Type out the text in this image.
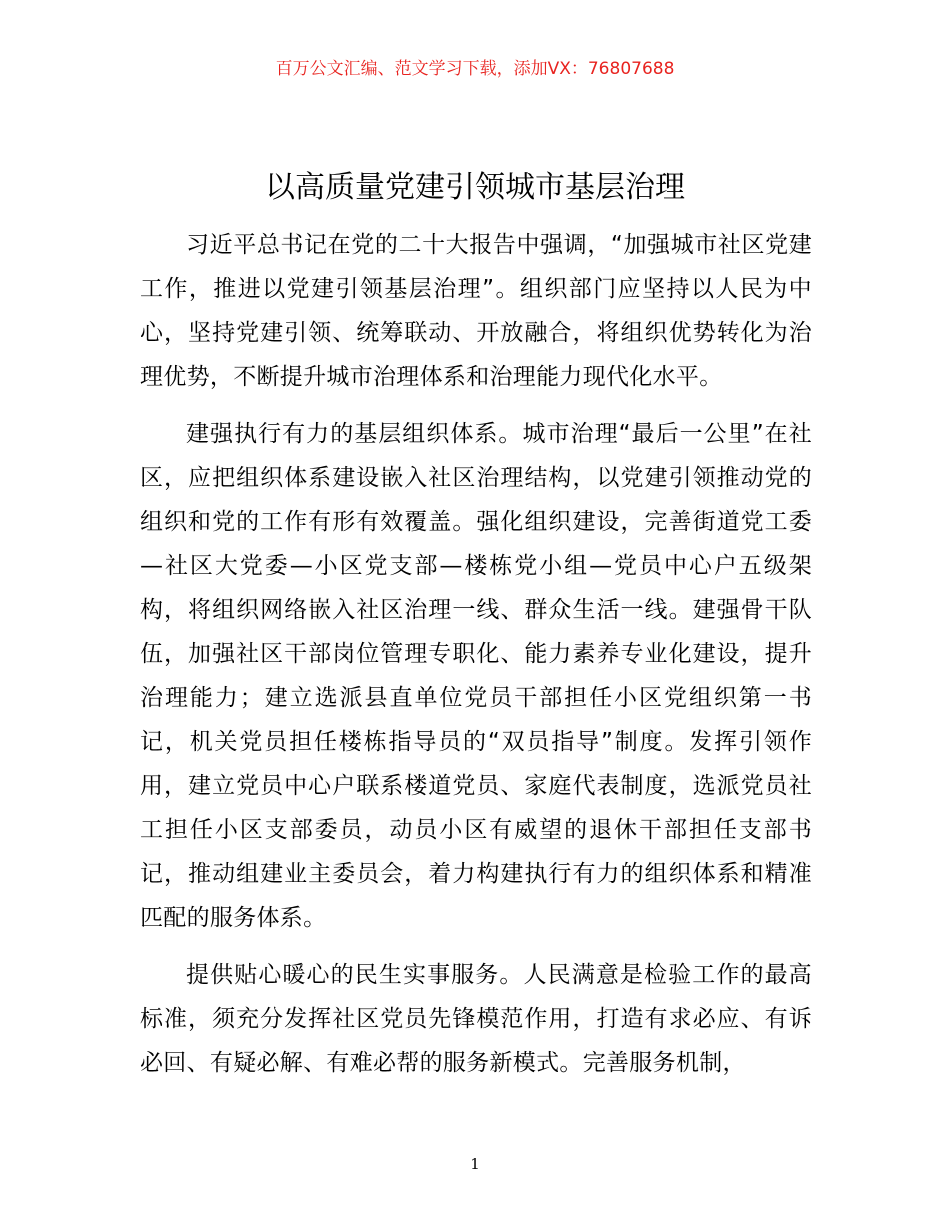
百万公文汇编、范文学习下载，添加VX：76807688
以高质量党建引领城市基层治理

习近平总书记在党的二十大报告中强调，“加强城市社区党建工作，推进以党建引领基层治理”。组织部门应坚持以人民为中心，坚持党建引领、统筹联动、开放融合，将组织优势转化为治理优势，不断提升城市治理体系和治理能力现代化水平。

建强执行有力的基层组织体系。城市治理“最后一公里”在社区，应把组织体系建设嵌入社区治理结构，以党建引领推动党的组织和党的工作有形有效覆盖。强化组织建设，完善街道党工委—社区大党委—小区党支部—楼栋党小组—党员中心户五级架构，将组织网络嵌入社区治理一线、群众生活一线。建强骨干队伍，加强社区干部岗位管理专职化、能力素养专业化建设，提升治理能力；建立选派县直单位党员干部担任小区党组织第一书记，机关党员担任楼栋指导员的“双员指导”制度。发挥引领作用，建立党员中心户联系楼道党员、家庭代表制度，选派党员社工担任小区支部委员，动员小区有威望的退休干部担任支部书记，推动组建业主委员会，着力构建执行有力的组织体系和精准匹配的服务体系。

提供贴心暖心的民生实事服务。人民满意是检验工作的最高标准，须充分发挥社区党员先锋模范作用，打造有求必应、有诉必回、有疑必解、有难必帮的服务新模式。完善服务机制，

1
